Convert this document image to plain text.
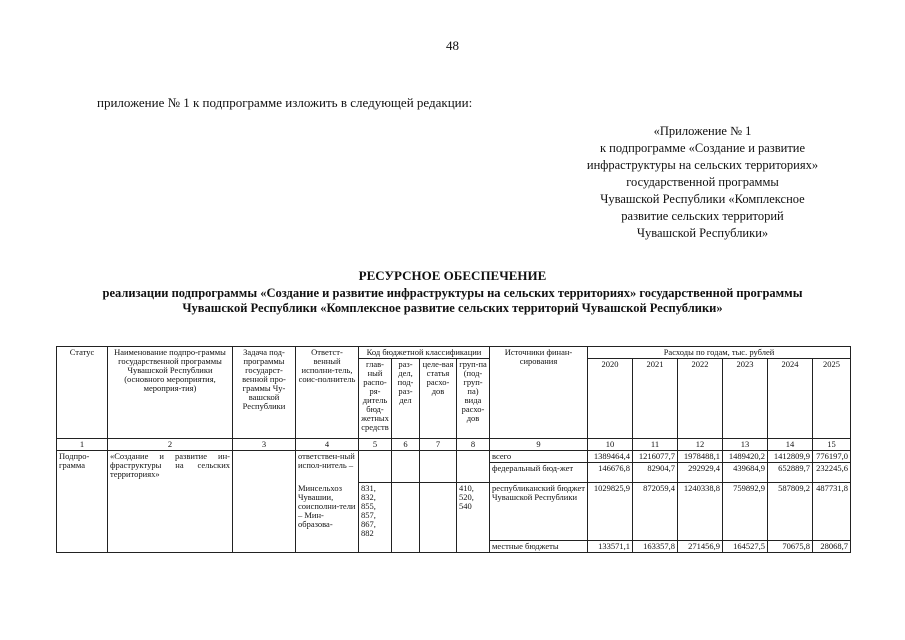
48
приложение № 1 к подпрограмме изложить в следующей редакции:
«Приложение № 1
к подпрограмме «Создание и развитие
инфраструктуры на сельских территориях»
государственной программы
Чувашской Республики «Комплексное
развитие сельских территорий
Чувашской Республики»
РЕСУРСНОЕ ОБЕСПЕЧЕНИЕ
реализации подпрограммы «Создание и развитие инфраструктуры на сельских территориях» государственной программы Чувашской Республики «Комплексное развитие сельских территорий Чувашской Республики»
Статус	Наименование подпро-граммы государственной программы Чувашской Республики (основного мероприятия, мероприя-тия)	Задача под-программы государст-венной про-граммы Чу-вашской Республики	Ответст-венный исполни-тель, соис-полнитель	Код бюджетной классификации				Источники финан-сирования	Расходы по годам, тыс. рублей					
				глав-ный распо-ря-дитель бюд-жетных средств	раз-дел, под-раз-дел	целе-вая статья расхо-дов	груп-па (под-груп-па) вида расхо-дов		2020	2021	2022	2023	2024	2025

1	2	3	4	5	6	7	8	9	10	11	12	13	14	15
Подпро-грамма	«Создание и развитие ин-фраструктуры на сельских территориях»		ответствен-ный испол-нитель –					всего	1389464,4	1216077,7	1978488,1	1489420,2	1412809,9	776197,0
								федеральный бюд-жет	146676,8	82904,7	292929,4	439684,9	652889,7	232245,6
			Минсельхоз Чувашии, соисполни-тели – Мин-образова-	831, 832, 855, 857, 867, 882			410, 520, 540	республиканский бюджет Чувашской Республики	1029825,9	872059,4	1240338,8	759892,9	587809,2	487731,8
								местные бюджеты	133571,1	163357,8	271456,9	164527,5	70675,8	28068,7
